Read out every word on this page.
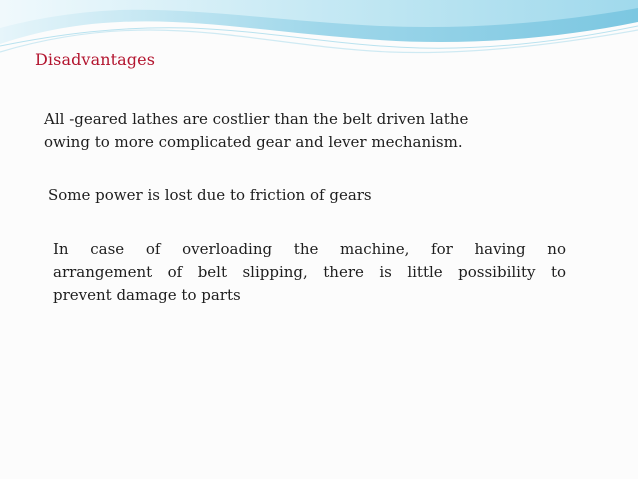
Disadvantages

All -geared lathes are costlier than the belt driven lathe
owing to more complicated gear and lever mechanism.

Some power is lost due to friction of gears

In case of overloading the machine, for having no
arrangement of belt slipping, there is little possibility to
prevent damage to parts
